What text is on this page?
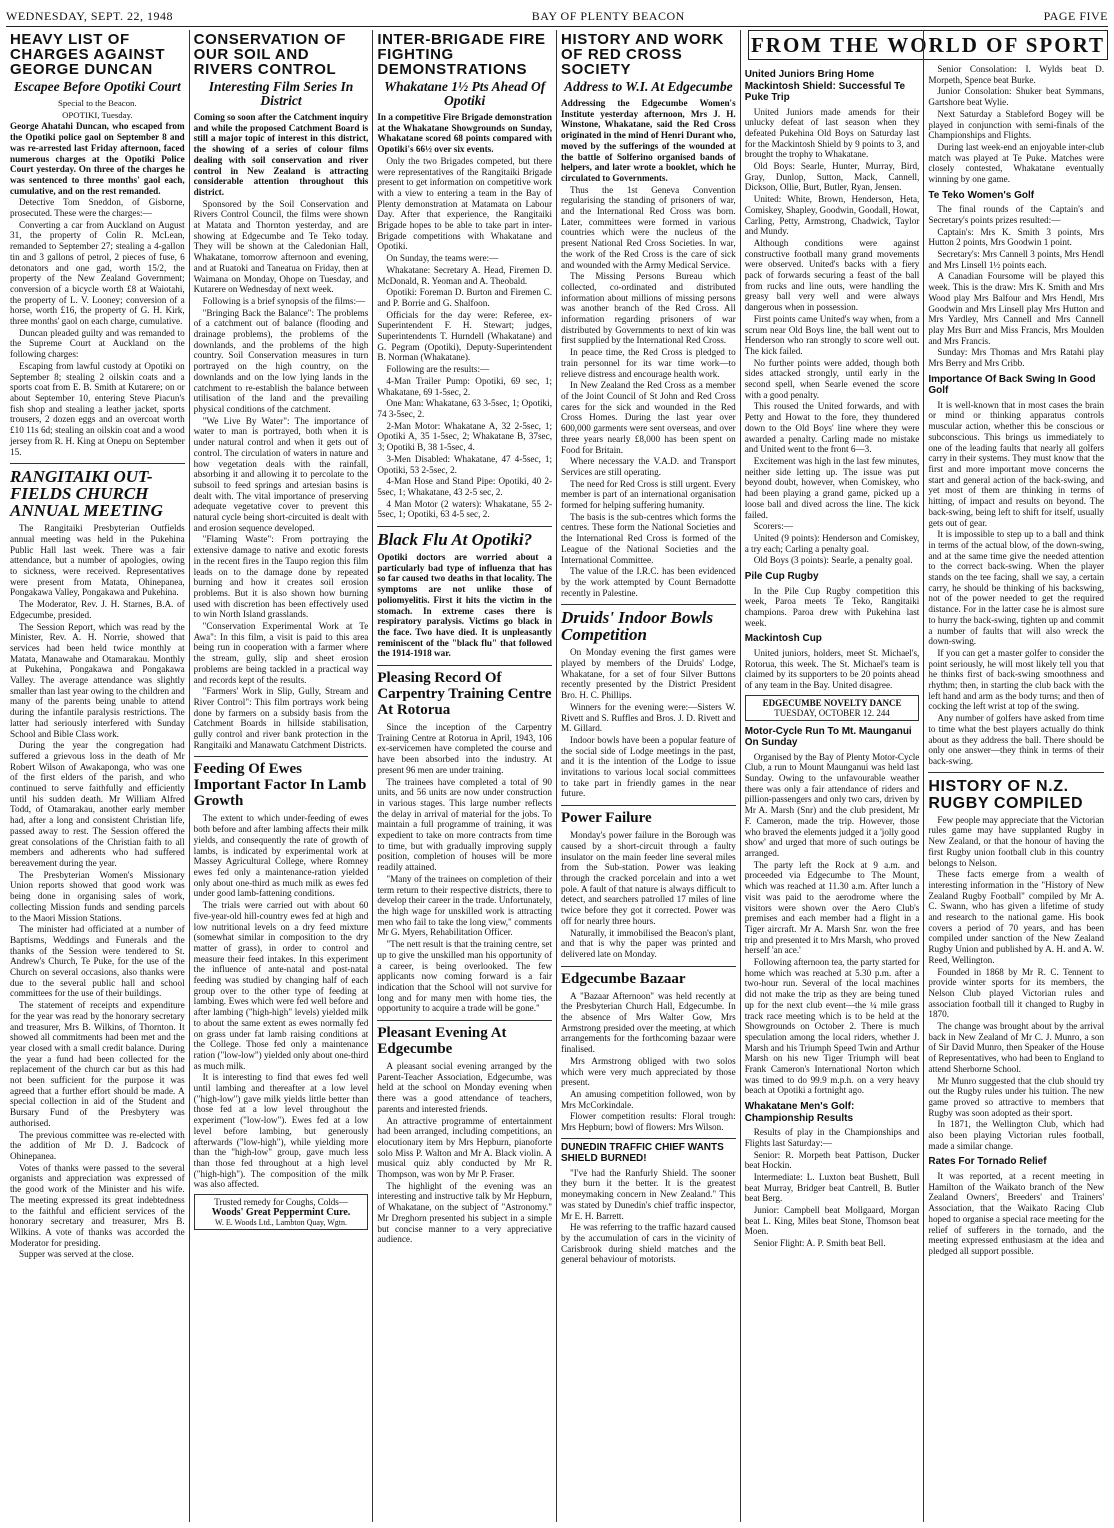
WEDNESDAY, SEPT. 22, 1948	BAY OF PLENTY BEACON	PAGE FIVE
FROM THE WORLD OF SPORT
HEAVY LIST OF CHARGES AGAINST GEORGE DUNCAN
Escapee Before Opotiki Court

Special to the Beacon.

OPOTIKI, Tuesday.

George Ahatahi Duncan, who escaped from the Opotiki police gaol on September 8 and was re-arrested last Friday afternoon, faced numerous charges at the Opotiki Police Court yesterday. On three of the charges he was sentenced to three months' gaol each, cumulative, and on the rest remanded.

Detective Tom Sneddon, of Gisborne, prosecuted. These were the charges:—

Converting a car from Auckland on August 31, the property of Colin R. McLean, remanded to September 27; stealing a 4-gallon tin and 3 gallons of petrol, 2 pieces of fuse, 6 detonators and one gad, worth 15/2, the property of the New Zealand Government; conversion of a bicycle worth £8 at Waiotahi, the property of L. V. Looney; conversion of a horse, worth £16, the property of G. H. Kirk, three months' gaol on each charge, cumulative.

Duncan pleaded guilty and was remanded to the Supreme Court at Auckland on the following charges:

Escaping from lawful custody at Opotiki on September 8; stealing 2 oilskin coats and a sports coat from E. B. Smith at Kutarere; on or about September 10, entering Steve Piacun's fish shop and stealing a leather jacket, sports trousers, 2 dozen eggs and an overcoat worth £10 11s 6d; stealing an oilskin coat and a wood jersey from R. H. King at Onepu on September 15.

RANGITAIKI OUT-FIELDS CHURCH ANNUAL MEETING

The Rangitaiki Presbyterian Outfields annual meeting was held in the Pukehina Public Hall last week. There was a fair attendance, but a number of apologies, owing to sickness, were received. Representatives were present from Matata, Ohinepanea, Pongakawa Valley, Pongakawa and Pukehina.

The Moderator, Rev. J. H. Starnes, B.A. of Edgecumbe, presided.

The Session Report, which was read by the Minister, Rev. A. H. Norrie, showed that services had been held twice monthly at Matata, Manawahe and Otamarakau. Monthly at Pukehina, Pongakawa and Pongakawa Valley. The average attendance was slightly smaller than last year owing to the children and many of the parents being unable to attend during the infantile paralysis restrictions. The latter had seriously interfered with Sunday School and Bible Class work.

During the year the congregation had suffered a grievous loss in the death of Mr Robert Wilson of Awakaponga, who was one of the first elders of the parish, and who continued to serve faithfully and efficiently until his sudden death. Mr William Alfred Todd, of Otamarakau, another early member had, after a long and consistent Christian life, passed away to rest. The Session offered the great consolations of the Christian faith to all members and adherents who had suffered bereavement during the year.

The Presbyterian Women's Missionary Union reports showed that good work was being done in organising sales of work, collecting Mission funds and sending parcels to the Maori Mission Stations.

The minister had officiated at a number of Baptisms, Weddings and Funerals and the thanks of the Session were tendered to St. Andrew's Church, Te Puke, for the use of the Church on several occasions, also thanks were due to the several public hall and school committees for the use of their buildings.

The statement of receipts and expenditure for the year was read by the honorary secretary and treasurer, Mrs B. Wilkins, of Thornton. It showed all commitments had been met and the year closed with a small credit balance. During the year a fund had been collected for the replacement of the church car but as this had not been sufficient for the purpose it was agreed that a further effort should be made. A special collection in aid of the Student and Bursary Fund of the Presbytery was authorised.

The previous committee was re-elected with the addition of Mr D. J. Badcock of Ohinepanea.

Votes of thanks were passed to the several organists and appreciation was expressed of the good work of the Minister and his wife. The meeting expressed its great indebtedness to the faithful and efficient services of the honorary secretary and treasurer, Mrs B. Wilkins. A vote of thanks was accorded the Moderator for presiding.

Supper was served at the close.

CONSERVATION OF OUR SOIL AND RIVERS CONTROL
Interesting Film Series In District

Coming so soon after the Catchment inquiry and while the proposed Catchment Board is still a major topic of interest in this district, the showing of a series of colour films dealing with soil conservation and river control in New Zealand is attracting considerable attention throughout this district.

Sponsored by the Soil Conservation and Rivers Control Council, the films were shown at Matata and Thornton yesterday, and are showing at Edgecumbe and Te Teko today. They will be shown at the Caledonian Hall, Whakatane, tomorrow afternoon and evening, and at Ruatoki and Taneatua on Friday, then at Waimana on Monday, Ohope on Tuesday, and Kutarere on Wednesday of next week.

Following is a brief synopsis of the films:—

"Bringing Back the Balance": The problems of a catchment out of balance (flooding and drainage problems), the problems of the downlands, and the problems of the high country. Soil Conservation measures in turn portrayed on the high country, on the downlands and on the low lying lands in the catchment to re-establish the balance between utilisation of the land and the prevailing physical conditions of the catchment.

"We Live By Water": The importance of water to man is portrayed, both when it is under natural control and when it gets out of control. The circulation of waters in nature and how vegetation deals with the rainfall, absorbing it and allowing it to percolate to the subsoil to feed springs and artesian basins is dealt with. The vital importance of preserving adequate vegetative cover to prevent this natural cycle being short-circuited is dealt with and erosion sequence developed.

"Flaming Waste": From portraying the extensive damage to native and exotic forests in the recent fires in the Taupo region this film leads on to the damage done by repeated burning and how it creates soil erosion problems. But it is also shown how burning used with discretion has been effectively used to win North Island grasslands.

"Conservation Experimental Work at Te Awa": In this film, a visit is paid to this area being run in cooperation with a farmer where the stream, gully, slip and sheet erosion problems are being tackled in a practical way and records kept of the results.

"Farmers' Work in Slip, Gully, Stream and River Control": This film portrays work being done by farmers on a subsidy basis from the Catchment Boards in hillside stabilisation, gully control and river bank protection in the Rangitaiki and Manawatu Catchment Districts.

Feeding Of Ewes Important Factor In Lamb Growth

The extent to which under-feeding of ewes both before and after lambing affects their milk yields, and consequently the rate of growth of lambs, is indicated by experimental work at Massey Agricultural College, where Romney ewes fed only a maintenance-ration yielded only about one-third as much milk as ewes fed under good lamb-fattening conditions.

The trials were carried out with about 60 five-year-old hill-country ewes fed at high and low nutritional levels on a dry feed mixture (somewhat similar in composition to the dry matter of grass), in order to control and measure their feed intakes. In this experiment the influence of ante-natal and post-natal feeding was studied by changing half of each group over to the other type of feeding at lambing. Ewes which were fed well before and after lambing ("high-high" levels) yielded milk to about the same extent as ewes normally fed on grass under fat lamb raising conditions at the College. Those fed only a maintenance ration ("low-low") yielded only about one-third as much milk.

It is interesting to find that ewes fed well until lambing and thereafter at a low level ("high-low") gave milk yields little better than those fed at a low level throughout the experiment ("low-low"). Ewes fed at a low level before lambing, but generously afterwards ("low-high"), while yielding more than the "high-low" group, gave much less than those fed throughout at a high level ("high-high"). The composition of the milk was also affected.

Trusted remedy for Coughs, Colds—
Woods' Great Peppermint Cure.
W. E. Woods Ltd., Lambton Quay, Wgtn.
INTER-BRIGADE FIRE FIGHTING DEMONSTRATIONS
Whakatane 1½ Pts Ahead Of Opotiki

In a competitive Fire Brigade demonstration at the Whakatane Showgrounds on Sunday, Whakatane scored 68 points compared with Opotiki's 66½ over six events.

Only the two Brigades competed, but there were representatives of the Rangitaiki Brigade present to get information on competitive work with a view to entering a team in the Bay of Plenty demonstration at Matamata on Labour Day. After that experience, the Rangitaiki Brigade hopes to be able to take part in inter-Brigade competitions with Whakatane and Opotiki.

On Sunday, the teams were:—

Whakatane: Secretary A. Head, Firemen D. McDonald, R. Yeoman and A. Theobald.

Opotiki: Foreman D. Burton and Firemen C. and P. Borrie and G. Shalfoon.

Officials for the day were: Referee, ex-Superintendent F. H. Stewart; judges, Superintendents T. Hurndell (Whakatane) and G. Pegram (Opotiki), Deputy-Superintendent B. Norman (Whakatane).

Following are the results:—

4-Man Trailer Pump: Opotiki, 69 sec, 1; Whakatane, 69 1-5sec, 2.

One Man: Whakatane, 63 3-5sec, 1; Opotiki, 74 3-5sec, 2.

2-Man Motor: Whakatane A, 32 2-5sec, 1; Opotiki A, 35 1-5sec, 2; Whakatane B, 37sec, 3; Opotiki B, 38 1-5sec, 4.

3-Men Disabled: Whakatane, 47 4-5sec, 1; Opotiki, 53 2-5sec, 2.

4-Man Hose and Stand Pipe: Opotiki, 40 2-5sec, 1; Whakatane, 43 2-5 sec, 2.

4 Man Motor (2 waters): Whakatane, 55 2-5sec, 1; Opotiki, 63 4-5 sec, 2.

Black Flu At Opotiki?

Opotiki doctors are worried about a particularly bad type of influenza that has so far caused two deaths in that locality. The symptoms are not unlike those of poliomyelitis. First it hits the victim in the stomach. In extreme cases there is respiratory paralysis. Victims go black in the face. Two have died. It is unpleasantly reminiscent of the "black flu" that followed the 1914-1918 war.

Pleasing Record Of Carpentry Training Centre At Rotorua

Since the inception of the Carpentry Training Centre at Rotorua in April, 1943, 106 ex-servicemen have completed the course and have been absorbed into the industry. At present 96 men are under training.

The trainees have completed a total of 90 units, and 56 units are now under construction in various stages. This large number reflects the delay in arrival of material for the jobs. To maintain a full programme of training, it was expedient to take on more contracts from time to time, but with gradually improving supply position, completion of houses will be more readily attained.

"Many of the trainees on completion of their term return to their respective districts, there to develop their career in the trade. Unfortunately, the high wage for unskilled work is attracting men who fail to take the long view," comments Mr G. Myers, Rehabilitation Officer.

"The nett result is that the training centre, set up to give the unskilled man his opportunity of a career, is being overlooked. The few applicants now coming forward is a fair indication that the School will not survive for long and for many men with home ties, the opportunity to acquire a trade will be gone."

Pleasant Evening At Edgecumbe

A pleasant social evening arranged by the Parent-Teacher Association, Edgecumbe, was held at the school on Monday evening when there was a good attendance of teachers, parents and interested friends.

An attractive programme of entertainment had been arranged, including competitions, an elocutionary item by Mrs Hepburn, pianoforte solo Miss P. Walton and Mr A. Black violin. A musical quiz ably conducted by Mr R. Thompson, was won by Mr P. Fraser.

The highlight of the evening was an interesting and instructive talk by Mr Hepburn, of Whakatane, on the subject of "Astronomy." Mr Dreghorn presented his subject in a simple but concise manner to a very appreciative audience.

HISTORY AND WORK OF RED CROSS SOCIETY
Address to W.I. At Edgecumbe

Addressing the Edgecumbe Women's Institute yesterday afternoon, Mrs J. H. Winstone, Whakatane, said the Red Cross originated in the mind of Henri Durant who, moved by the sufferings of the wounded at the battle of Solferino organised bands of helpers, and later wrote a booklet, which he circulated to Governments.

Thus the 1st Geneva Convention regularising the standing of prisoners of war, and the International Red Cross was born. Later, committees were formed in various countries which were the nucleus of the present National Red Cross Societies. In war, the work of the Red Cross is the care of sick and wounded with the Army Medical Service.

The Missing Persons Bureau which collected, co-ordinated and distributed information about millions of missing persons was another branch of the Red Cross. All information regarding prisoners of war distributed by Governments to next of kin was first supplied by the International Red Cross.

In peace time, the Red Cross is pledged to train personnel for its war time work—to relieve distress and encourage health work.

In New Zealand the Red Cross as a member of the Joint Council of St John and Red Cross cares for the sick and wounded in the Red Cross Homes. During the last year over 600,000 garments were sent overseas, and over three years nearly £8,000 has been spent on Food for Britain.

Where necessary the V.A.D. and Transport Services are still operating.

The need for Red Cross is still urgent. Every member is part of an international organisation formed for helping suffering humanity.

The basis is the sub-centres which forms the centres. These form the National Societies and the International Red Cross is formed of the League of the National Societies and the International Committee.

The value of the I.R.C. has been evidenced by the work attempted by Count Bernadotte recently in Palestine.

Druids' Indoor Bowls Competition

On Monday evening the first games were played by members of the Druids' Lodge, Whakatane, for a set of four Silver Buttons recently presented by the District President Bro. H. C. Phillips.

Winners for the evening were:—Sisters W. Rivett and S. Ruffles and Bros. J. D. Rivett and M. Gillard.

Indoor bowls have been a popular feature of the social side of Lodge meetings in the past, and it is the intention of the Lodge to issue invitations to various local social committees to take part in friendly games in the near future.

Power Failure

Monday's power failure in the Borough was caused by a short-circuit through a faulty insulator on the main feeder line several miles from the Sub-station. Power was leaking through the cracked porcelain and into a wet pole. A fault of that nature is always difficult to detect, and searchers patrolled 17 miles of line twice before they got it corrected. Power was off for nearly three hours.

Naturally, it immobilised the Beacon's plant, and that is why the paper was printed and delivered late on Monday.

Edgecumbe Bazaar

A "Bazaar Afternoon" was held recently at the Presbyterian Church Hall, Edgecumbe. In the absence of Mrs Walter Gow, Mrs Armstrong presided over the meeting, at which arrangements for the forthcoming bazaar were finalised.

Mrs Armstrong obliged with two solos which were very much appreciated by those present.

An amusing competition followed, won by Mrs McCorkindale.

Flower competition results: Floral trough: Mrs Hepburn; bowl of flowers: Mrs Wilson.

DUNEDIN TRAFFIC CHIEF WANTS SHIELD BURNED!

"I've had the Ranfurly Shield. The sooner they burn it the better. It is the greatest moneymaking concern in New Zealand." This was stated by Dunedin's chief traffic inspector, Mr E. H. Barrett.

He was referring to the traffic hazard caused by the accumulation of cars in the vicinity of Carisbrook during shield matches and the general behaviour of motorists.

United Juniors Bring Home Mackintosh Shield: Successful Te Puke Trip

United Juniors made amends for their unlucky defeat of last season when they defeated Pukehina Old Boys on Saturday last for the Mackintosh Shield by 9 points to 3, and brought the trophy to Whakatane.

Old Boys: Searle, Hunter, Murray, Bird, Gray, Dunlop, Sutton, Mack, Cannell, Dickson, Ollie, Burt, Butler, Ryan, Jensen.

United: White, Brown, Henderson, Heta, Comiskey, Shapley, Goodwin, Goodall, Howat, Carling, Petty, Armstrong, Chadwick, Taylor and Mundy.

Although conditions were against constructive football many grand movements were observed. United's backs with a fiery pack of forwards securing a feast of the ball from rucks and line outs, were handling the greasy ball very well and were always dangerous when in possession.

First points came United's way when, from a scrum near Old Boys line, the ball went out to Henderson who ran strongly to score well out. The kick failed.

No further points were added, though both sides attacked strongly, until early in the second spell, when Searle evened the score with a good penalty.

This roused the United forwards, and with Petty and Howat to the fore, they thundered down to the Old Boys' line where they were awarded a penalty. Carling made no mistake and United went to the front 6—3.

Excitement was high in the last few minutes, neither side letting up. The issue was put beyond doubt, however, when Comiskey, who had been playing a grand game, picked up a loose ball and dived across the line. The kick failed.

Scorers:—

United (9 points): Henderson and Comiskey, a try each; Carling a penalty goal.

Old Boys (3 points): Searle, a penalty goal.

Pile Cup Rugby

In the Pile Cup Rugby competition this week, Paroa meets Te Teko, Rangitaiki champions. Paroa drew with Pukehina last week.

Mackintosh Cup

United juniors, holders, meet St. Michael's, Rotorua, this week. The St. Michael's team is claimed by its supporters to be 20 points ahead of any team in the Bay. United disagree.

EDGECUMBE NOVELTY DANCE
TUESDAY, OCTOBER 12. 244
Motor-Cycle Run To Mt. Maunganui On Sunday

Organised by the Bay of Plenty Motor-Cycle Club, a run to Mount Maunganui was held last Sunday. Owing to the unfavourable weather there was only a fair attendance of riders and pillion-passengers and only two cars, driven by Mr A. Marsh (Snr) and the club president, Mr F. Cameron, made the trip. However, those who braved the elements judged it a 'jolly good show' and urged that more of such outings be arranged.

The party left the Rock at 9 a.m. and proceeded via Edgecumbe to The Mount, which was reached at 11.30 a.m. After lunch a visit was paid to the aerodrome where the visitors were shown over the Aero Club's premises and each member had a flight in a Tiger aircraft. Mr A. Marsh Snr. won the free trip and presented it to Mrs Marsh, who proved herself 'an ace.'

Following afternoon tea, the party started for home which was reached at 5.30 p.m. after a two-hour run. Several of the local machines did not make the trip as they are being tuned up for the next club event—the ¼ mile grass track race meeting which is to be held at the Showgrounds on October 2. There is much speculation among the local riders, whether J. Marsh and his Triumph Speed Twin and Arthur Marsh on his new Tiger Triumph will beat Frank Cameron's International Norton which was timed to do 99.9 m.p.h. on a very heavy beach at Opotiki a fortnight ago.

Whakatane Men's Golf: Championship Results

Results of play in the Championships and Flights last Saturday:—

Senior: R. Morpeth beat Pattison, Ducker beat Hockin.

Intermediate: L. Luxton beat Bushett, Bull beat Murray, Bridger beat Cantrell, B. Butler beat Berg.

Junior: Campbell beat Mollgaard, Morgan beat L. King, Miles beat Stone, Thomson beat Moen.

Senior Flight: A. P. Smith beat Bell.

Senior Consolation: I. Wylds beat D. Morpeth, Spence beat Burke.

Junior Consolation: Shuker beat Symmans, Gartshore beat Wylie.

Next Saturday a Stableford Bogey will be played in conjunction with semi-finals of the Championships and Flights.

During last week-end an enjoyable inter-club match was played at Te Puke. Matches were closely contested, Whakatane eventually winning by one game.

Te Teko Women's Golf

The final rounds of the Captain's and Secretary's points prizes resulted:—

Captain's: Mrs K. Smith 3 points, Mrs Hutton 2 points, Mrs Goodwin 1 point.

Secretary's: Mrs Cannell 3 points, Mrs Hendl and Mrs Linsell 1½ points each.

A Canadian Foursome will be played this week. This is the draw: Mrs K. Smith and Mrs Wood play Mrs Balfour and Mrs Hendl, Mrs Goodwin and Mrs Linsell play Mrs Hutton and Mrs Yardley, Mrs Cannell and Mrs Cannell play Mrs Burr and Miss Francis, Mrs Moulden and Mrs Francis.

Sunday: Mrs Thomas and Mrs Ratahi play Mrs Berry and Mrs Cribb.

Importance Of Back Swing In Good Golf

It is well-known that in most cases the brain or mind or thinking apparatus controls muscular action, whether this be conscious or subconscious. This brings us immediately to one of the leading faults that nearly all golfers carry in their systems. They must know that the first and more important move concerns the start and general action of the back-swing, and yet most of them are thinking in terms of hitting, of impact and results on beyond. The back-swing, being left to shift for itself, usually gets out of gear.

It is impossible to step up to a ball and think in terms of the actual blow, of the down-swing, and at the same time give the needed attention to the correct back-swing. When the player stands on the tee facing, shall we say, a certain carry, he should be thinking of his backswing, not of the power needed to get the required distance. For in the latter case he is almost sure to hurry the back-swing, tighten up and commit a number of faults that will also wreck the down-swing.

If you can get a master golfer to consider the point seriously, he will most likely tell you that he thinks first of back-swing smoothness and rhythm; then, in starting the club back with the left hand and arm as the body turns; and then of cocking the left wrist at top of the swing.

Any number of golfers have asked from time to time what the best players actually do think about as they address the ball. There should be only one answer—they think in terms of their back-swing.

HISTORY OF N.Z. RUGBY COMPILED

Few people may appreciate that the Victorian rules game may have supplanted Rugby in New Zealand, or that the honour of having the first Rugby union football club in this country belongs to Nelson.

These facts emerge from a wealth of interesting information in the "History of New Zealand Rugby Football" compiled by Mr A. C. Swann, who has given a lifetime of study and research to the national game. His book covers a period of 70 years, and has been compiled under sanction of the New Zealand Rugby Union and published by A. H. and A. W. Reed, Wellington.

Founded in 1868 by Mr R. C. Tennent to provide winter sports for its members, the Nelson Club played Victorian rules and association football till it changed to Rugby in 1870.

The change was brought about by the arrival back in New Zealand of Mr C. J. Munro, a son of Sir David Munro, then Speaker of the House of Representatives, who had been to England to attend Sherborne School.

Mr Munro suggested that the club should try out the Rugby rules under his tuition. The new game proved so attractive to members that Rugby was soon adopted as their sport.

In 1871, the Wellington Club, which had also been playing Victorian rules football, made a similar change.

Rates For Tornado Relief

It was reported, at a recent meeting in Hamilton of the Waikato branch of the New Zealand Owners', Breeders' and Trainers' Association, that the Waikato Racing Club hoped to organise a special race meeting for the relief of sufferers in the tornado, and the meeting expressed enthusiasm at the idea and pledged all support possible.
